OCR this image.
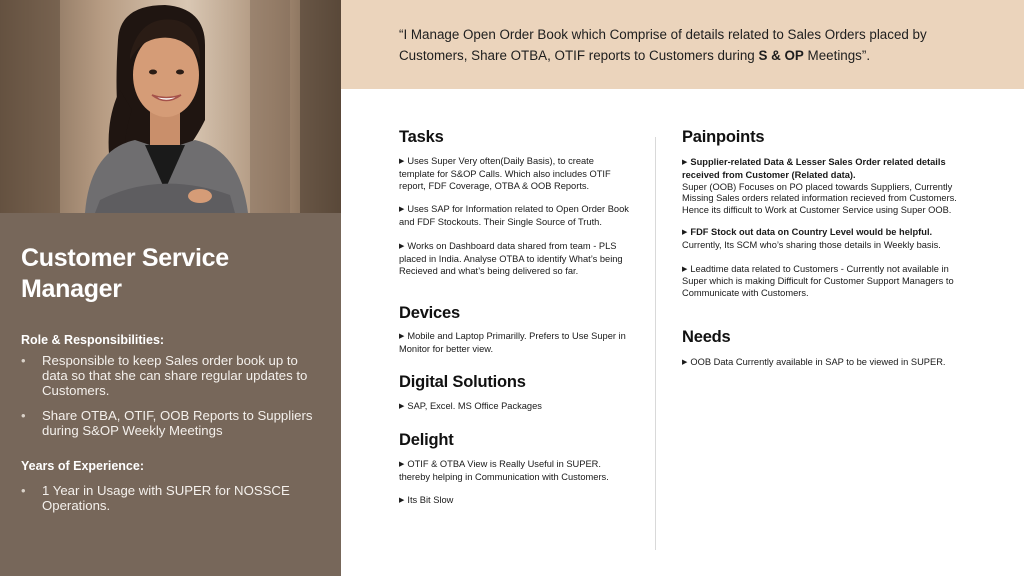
Customer Service Manager
Role & Responsibilities:
• Responsible to keep Sales order book up to data so that she can share regular updates to Customers.
• Share OTBA, OTIF, OOB Reports to Suppliers during S&OP Weekly Meetings
Years of Experience:
• 1 Year in Usage with SUPER for NOSSCE Operations.
“I Manage Open Order Book which Comprise of details related to Sales Orders placed by Customers, Share OTBA, OTIF reports to Customers during S & OP Meetings”.
Tasks
▶ Uses Super Very often(Daily Basis), to create template for S&OP Calls. Which also includes OTIF report, FDF Coverage, OTBA & OOB Reports.
▶ Uses SAP for Information related to Open Order Book and FDF Stockouts. Their Single Source of Truth.
▶ Works on Dashboard data shared from team - PLS placed in India. Analyse OTBA to identify What’s being Recieved and what’s being delivered so far.
Devices
▶ Mobile and Laptop Primarilly. Prefers to Use Super in Monitor for better view.
Digital Solutions
▶ SAP, Excel. MS Office Packages
Delight
▶ OTIF & OTBA View is Really Useful in SUPER. thereby helping in Communication with Customers.
▶ Its Bit Slow
Painpoints
▶ Supplier-related Data & Lesser Sales Order related details received from Customer (Related data).
Super (OOB) Focuses on PO placed towards Suppliers, Currently Missing Sales orders related information recieved from Customers. Hence its difficult to Work at Customer Service using Super OOB.
▶ FDF Stock out data on Country Level would be helpful.
Currently, Its SCM who’s sharing those details in Weekly basis.
▶ Leadtime data related to Customers - Currently not available in Super which is making Difficult for Customer Support Managers to Communicate with Customers.
Needs
▶ OOB Data Currently available in SAP to be viewed in SUPER.
